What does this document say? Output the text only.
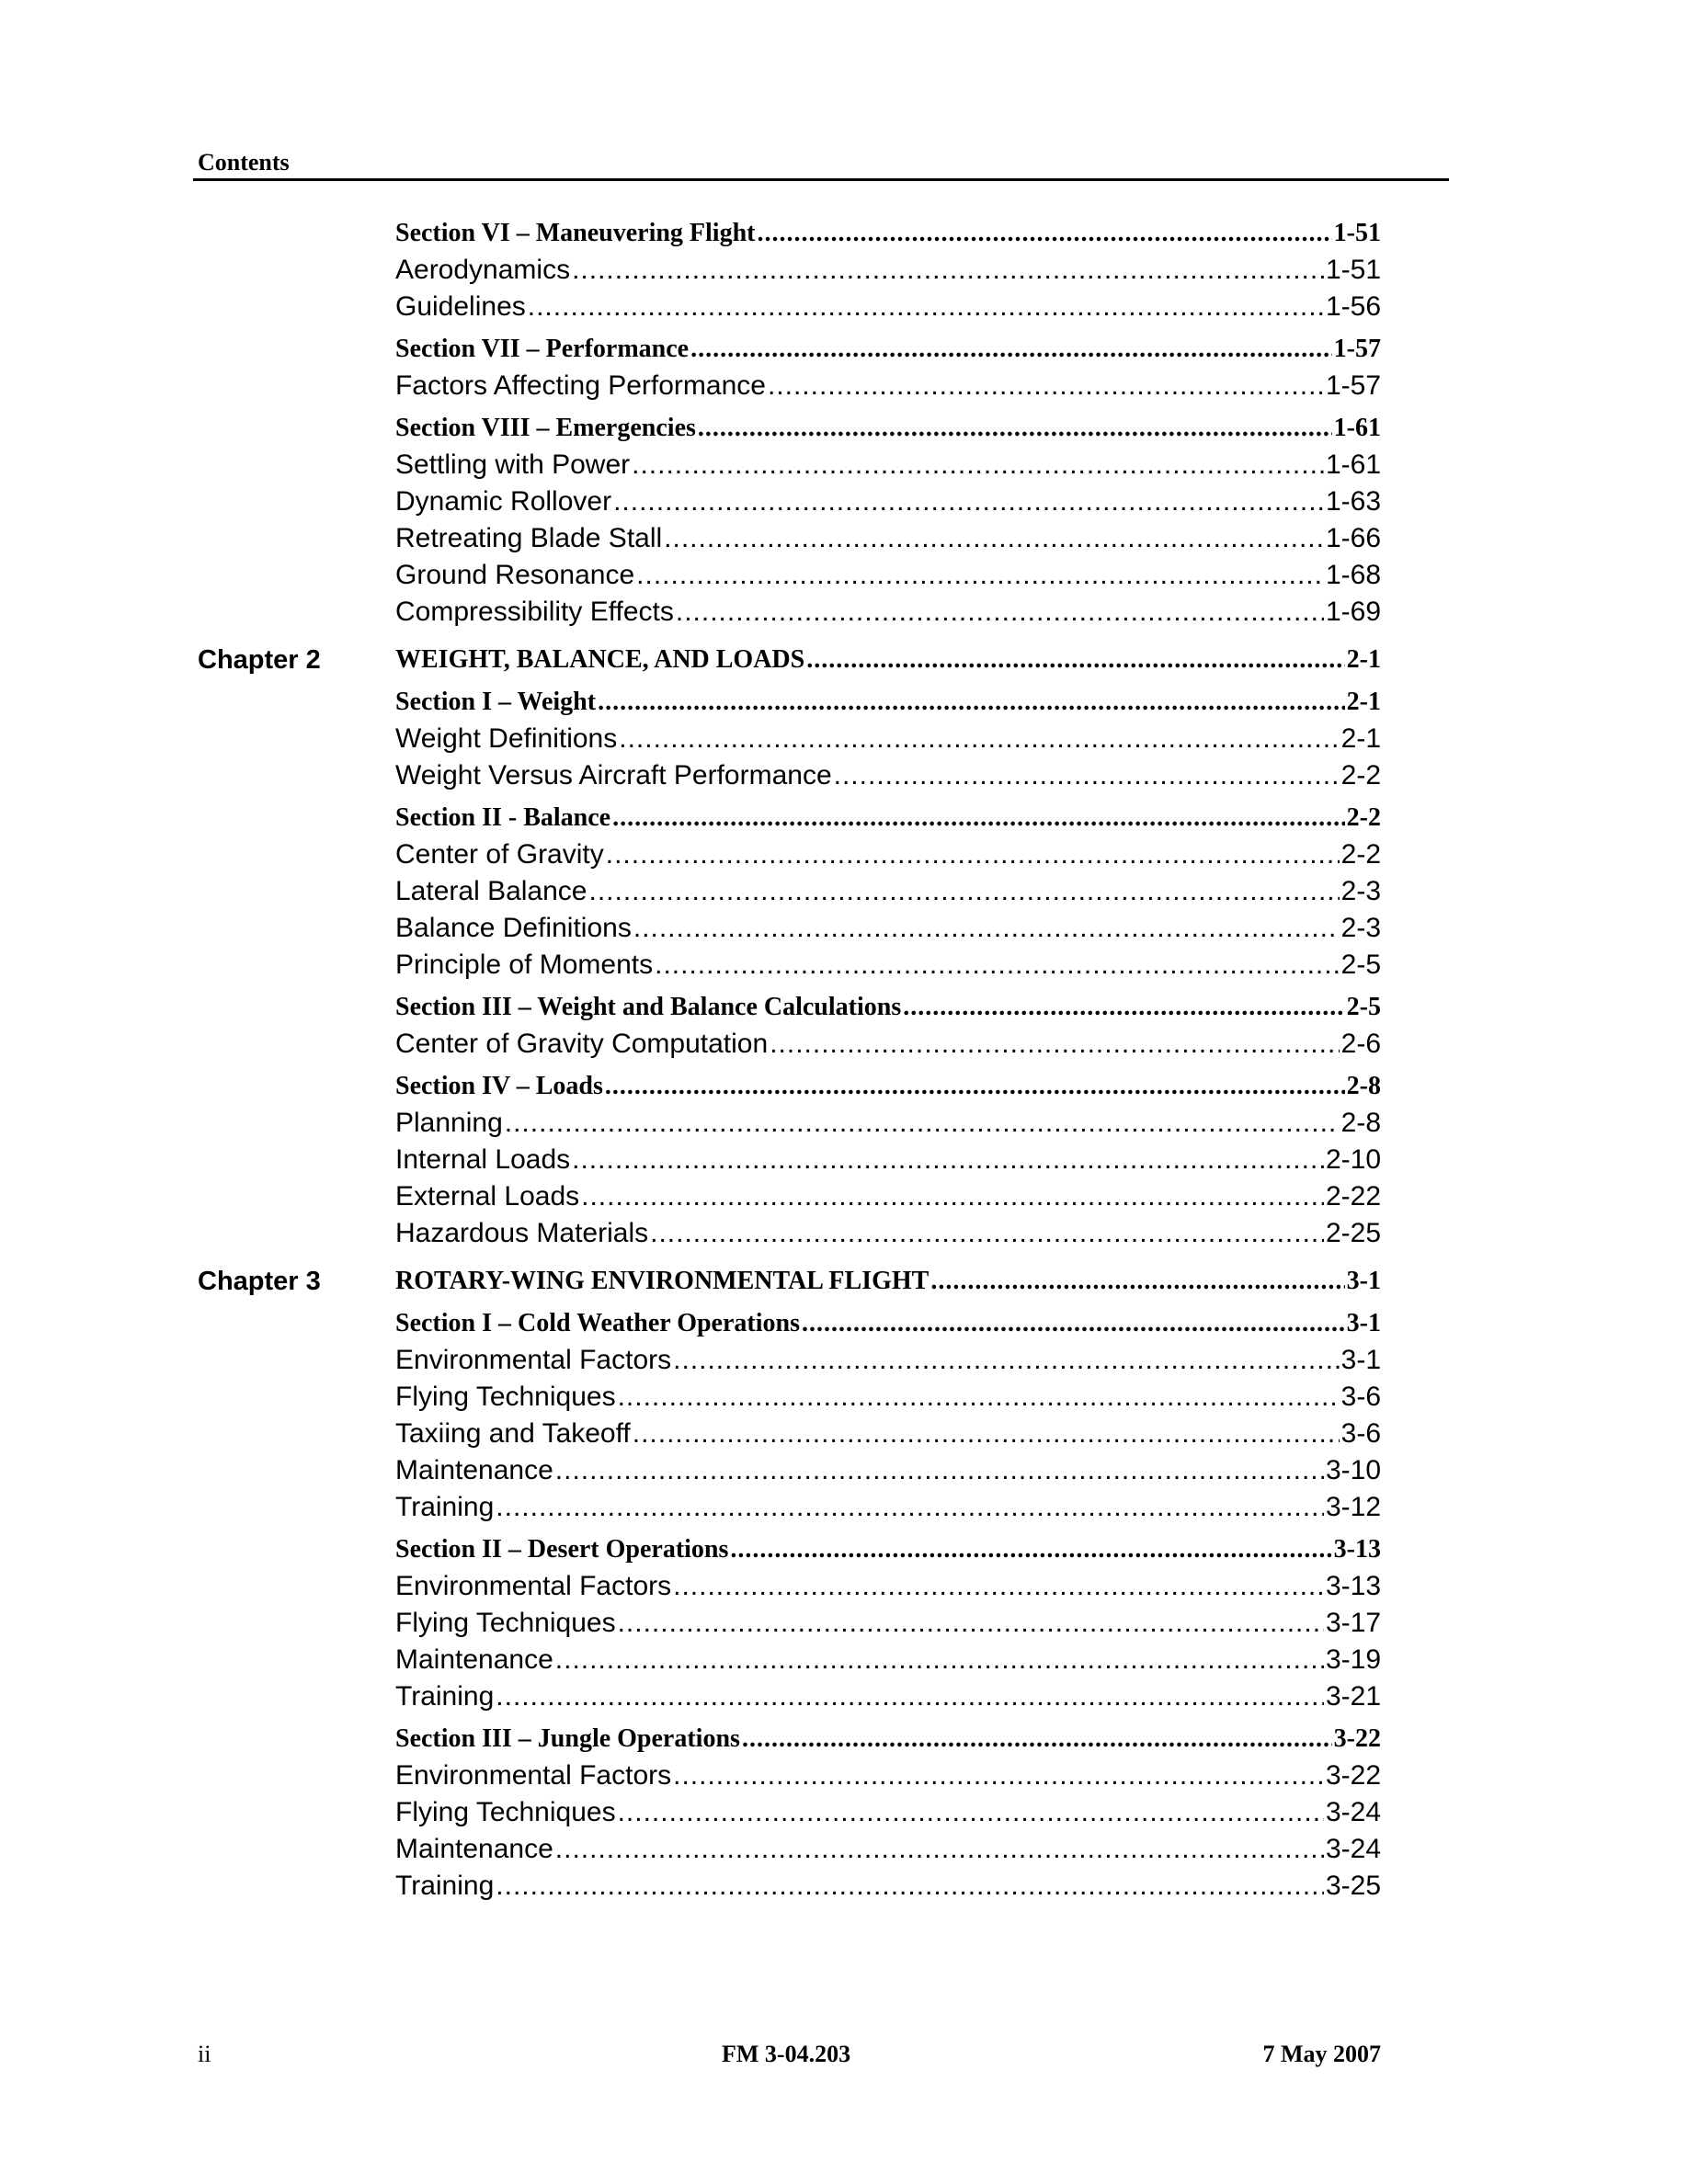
Contents
Section VI – Maneuvering Flight .....	1-51
Aerodynamics .....	1-51
Guidelines .....	1-56
Section VII – Performance .....	1-57
Factors Affecting Performance .....	1-57
Section VIII – Emergencies .....	1-61
Settling with Power .....	1-61
Dynamic Rollover .....	1-63
Retreating Blade Stall .....	1-66
Ground Resonance .....	1-68
Compressibility Effects .....	1-69
Chapter 2	WEIGHT, BALANCE, AND LOADS .....	2-1
Section I – Weight .....	2-1
Weight Definitions .....	2-1
Weight Versus Aircraft Performance .....	2-2
Section II - Balance .....	2-2
Center of Gravity .....	2-2
Lateral Balance .....	2-3
Balance Definitions .....	2-3
Principle of Moments .....	2-5
Section III – Weight and Balance Calculations .....	2-5
Center of Gravity Computation .....	2-6
Section IV – Loads .....	2-8
Planning .....	2-8
Internal Loads .....	2-10
External Loads .....	2-22
Hazardous Materials .....	2-25
Chapter 3	ROTARY-WING ENVIRONMENTAL FLIGHT .....	3-1
Section I – Cold Weather Operations .....	3-1
Environmental Factors .....	3-1
Flying Techniques .....	3-6
Taxiing and Takeoff .....	3-6
Maintenance .....	3-10
Training .....	3-12
Section II – Desert Operations .....	3-13
Environmental Factors .....	3-13
Flying Techniques .....	3-17
Maintenance .....	3-19
Training .....	3-21
Section III – Jungle Operations .....	3-22
Environmental Factors .....	3-22
Flying Techniques .....	3-24
Maintenance .....	3-24
Training .....	3-25
ii	FM 3-04.203	7 May 2007
